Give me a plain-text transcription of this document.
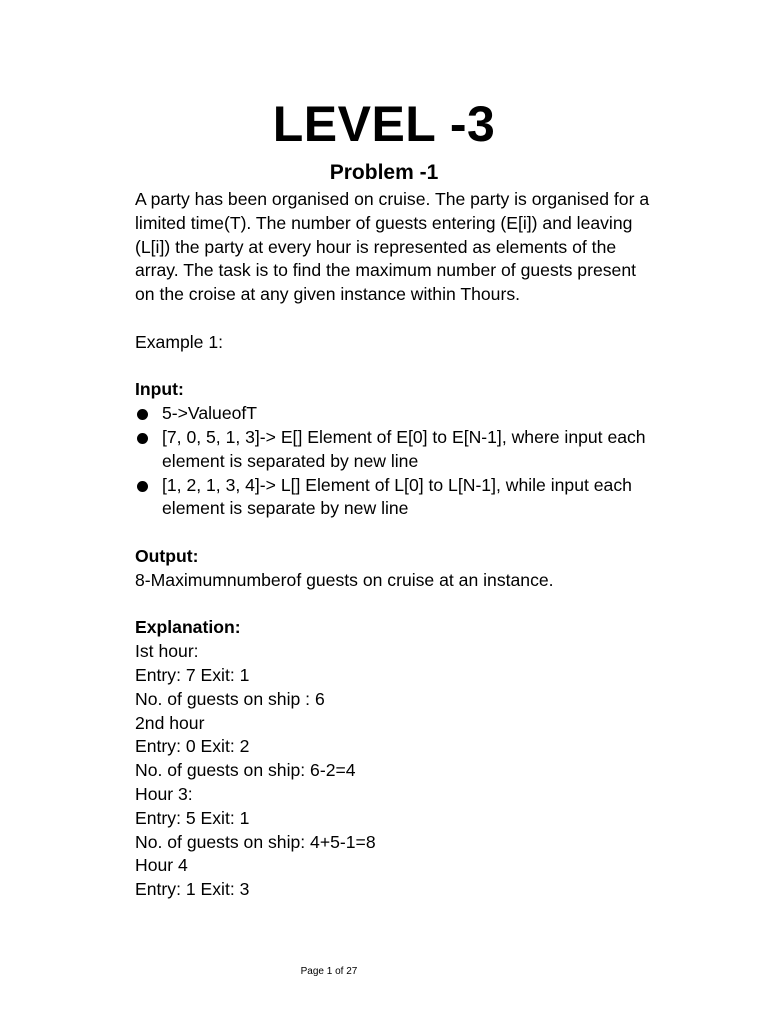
LEVEL -3
Problem -1

A party has been organised on cruise. The party is organised for a limited time(T). The number of guests entering (E[i]) and leaving (L[i]) the party at every hour is represented as elements of the array. The task is to find the maximum number of guests present on the croise at any given instance within Thours.

Example 1:

Input:

5->ValueofT
[7, 0, 5, 1, 3]-> E[] Element of E[0] to E[N-1], where input each element is separated by new line
[1, 2, 1, 3, 4]-> L[] Element of L[0] to L[N-1], while input each element is separate by new line

Output:

8-Maximumnumberof guests on cruise at an instance.

Explanation:

Ist hour:

Entry: 7 Exit: 1

No. of guests on ship : 6

2nd hour

Entry: 0 Exit: 2

No. of guests on ship: 6-2=4

Hour 3:

Entry: 5 Exit: 1

No. of guests on ship: 4+5-1=8

Hour 4

Entry: 1 Exit: 3

Page 1 of 27
